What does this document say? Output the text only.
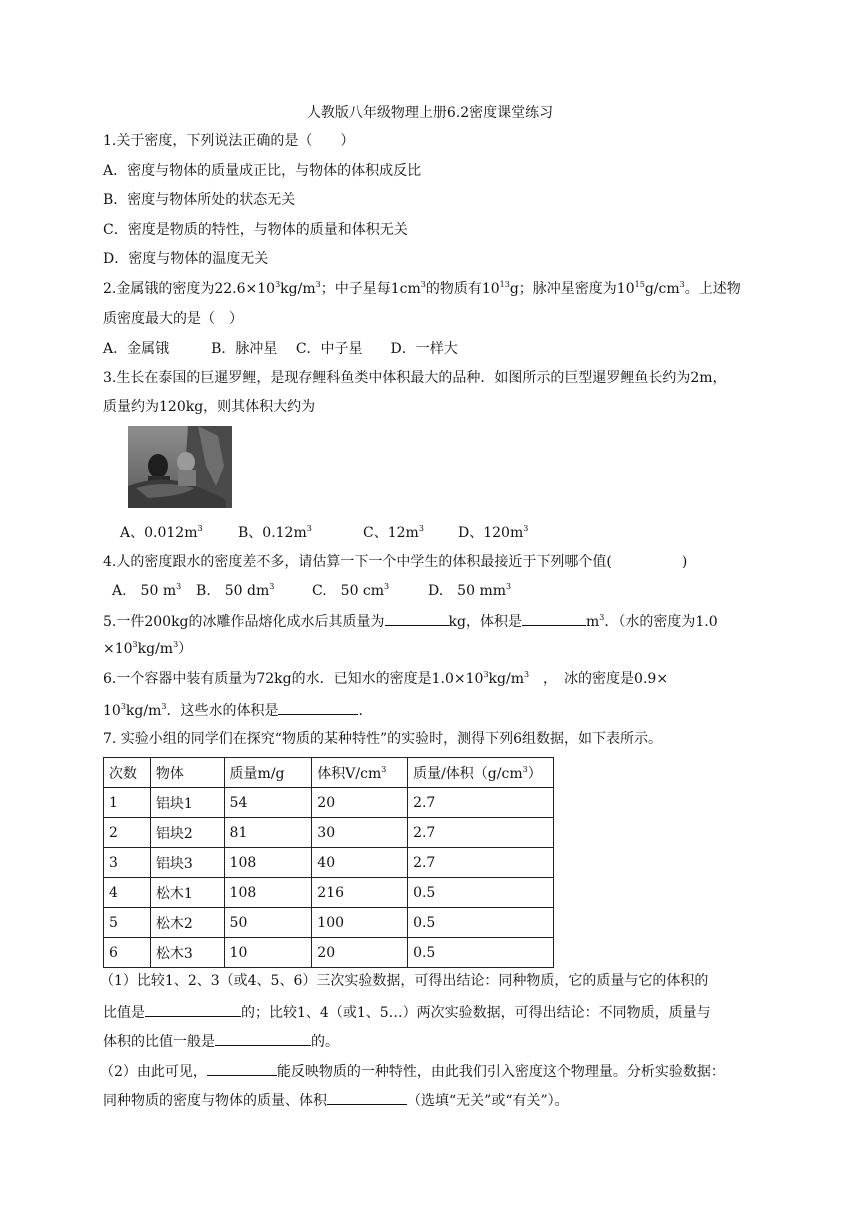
人教版八年级物理上册6.2密度课堂练习
1.关于密度，下列说法正确的是（　　）
A．密度与物体的质量成正比，与物体的体积成反比
B．密度与物体所处的状态无关
C．密度是物质的特性，与物体的质量和体积无关
D．密度与物体的温度无关
2.金属锇的密度为$22.6\times 10^3kg/m^3$；中子星每$1cm^3$的物质有$10^{13}g$；脉冲星密度为$10^{15}g/cm^3$。上述物
质密度最大的是（　）
A．金属锇　　　B．脉冲星　 C．中子星　　D．一样大
3.生长在泰国的巨暹罗鲤，是现存鲤科鱼类中体积最大的品种．如图所示的巨型暹罗鲤鱼长约为2m，
质量约为120kg，则其体积大约为
A、$0.012m^3$	B、$0.12m^3$	C、$12m^3$ D、$120m^3$
4.人的密度跟水的密度差不多，请估算一下一个中学生的体积最接近于下列哪个值(　　　　　)
A.　50 $m^3$ B.　50 $dm^3$	C.　50 $cm^3$	D.　50 $mm^3$
5.一件200kg的冰雕作品熔化成水后其质量为	kg，体积是	$m^3$．（水的密度为1.0
$\times 10^3kg/m^3$）
6.一个容器中装有质量为72kg的水．已知水的密度是$1.0\times 10^3kg/m^3$　，　冰的密度是0.9×
$10^3kg/m^3$．这些水的体积是	．
7. 实验小组的同学们在探究“物质的某种特性”的实验时，测得下列6组数据，如下表所示。
次数	物体	质量m/g	体积$V/cm^3$	质量/体积$(g/cm^3)$
1	铝块1	54	20	2.7
2	铝块2	81	30	2.7
3	铝块3	108	40	2.7
4	松木1	108	216	0.5
5	松木2	50	100	0.5
6	松木3	10	20	0.5
（1）比较1、2、3（或4、5、6）三次实验数据，可得出结论：同种物质，它的质量与它的体积的
比值是	的；比较1、4（或1、5…）两次实验数据，可得出结论：不同物质，质量与
体积的比值一般是	的。
（2）由此可见，	能反映物质的一种特性，由此我们引入密度这个物理量。分析实验数据：
同种物质的密度与物体的质量、体积	（选填“无关”或“有关”）。
